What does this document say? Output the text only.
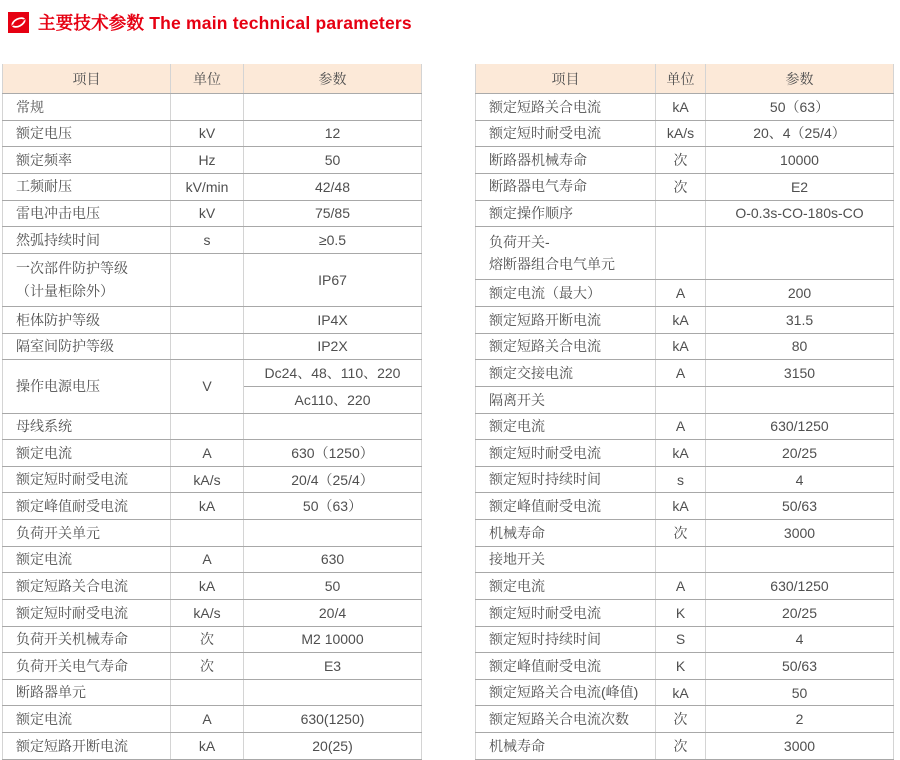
主要技术参数 The main technical parameters
项目	单位	参数

常规		

额定电压	kV	12

额定频率	Hz	50

工频耐压	kV/min	42/48

雷电冲击电压	kV	75/85

然弧持续时间	s	≥0.5

一次部件防护等级
（计量柜除外）		IP67

柜体防护等级		IP4X

隔室间防护等级		IP2X

操作电源电压	V	Dc24、48、110、220
		Ac110、220

母线系统		

额定电流	A	630（1250）

额定短时耐受电流	kA/s	20/4（25/4）

额定峰值耐受电流	kA	50（63）

负荷开关单元		

额定电流	A	630

额定短路关合电流	kA	50

额定短时耐受电流	kA/s	20/4

负荷开关机械寿命	次	M2 10000

负荷开关电气寿命	次	E3

断路器单元		

额定电流	A	630(1250)

额定短路开断电流	kA	20(25)
项目	单位	参数

额定短路关合电流	kA	50（63）

额定短时耐受电流	kA/s	20、4（25/4）

断路器机械寿命	次	10000

断路器电气寿命	次	E2

额定操作顺序		O-0.3s-CO-180s-CO

负荷开关-
熔断器组合电气单元		

额定电流（最大）	A	200

额定短路开断电流	kA	31.5

额定短路关合电流	kA	80

额定交接电流	A	3150

隔离开关		

额定电流	A	630/1250

额定短时耐受电流	kA	20/25

额定短时持续时间	s	4

额定峰值耐受电流	kA	50/63

机械寿命	次	3000

接地开关		

额定电流	A	630/1250

额定短时耐受电流	K	20/25

额定短时持续时间	S	4

额定峰值耐受电流	K	50/63

额定短路关合电流(峰值)	kA	50

额定短路关合电流次数	次	2

机械寿命	次	3000
